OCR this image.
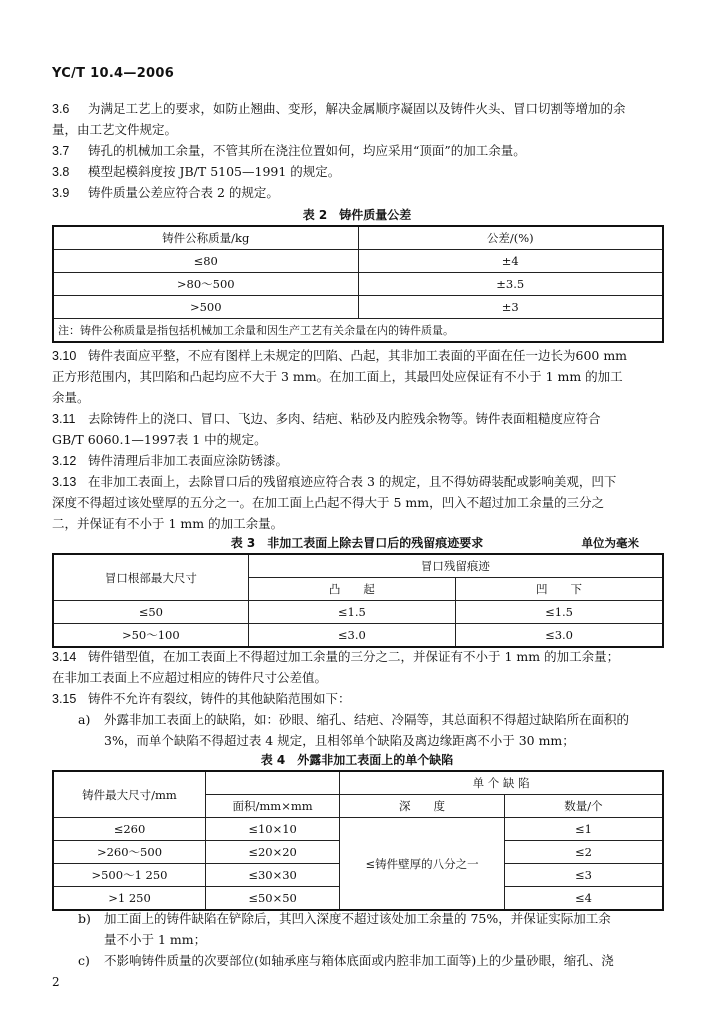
YC/T 10.4—2006
3.6 为满足工艺上的要求，如防止翘曲、变形，解决金属顺序凝固以及铸件火头、冒口切割等增加的余
量，由工艺文件规定。
3.7 铸孔的机械加工余量，不管其所在浇注位置如何，均应采用“顶面”的加工余量。
3.8 模型起模斜度按 JB/T 5105—1991 的规定。
3.9 铸件质量公差应符合表 2 的规定。
表 2　铸件质量公差
铸件公称质量/kg	公差/(%)
≤80	±4
>80～500	±3.5
>500	±3
注：铸件公称质量是指包括机械加工余量和因生产工艺有关余量在内的铸件质量。	
3.10 铸件表面应平整，不应有图样上未规定的凹陷、凸起，其非加工表面的平面在任一边长为600 mm
正方形范围内，其凹陷和凸起均应不大于 3 mm。在加工面上，其最凹处应保证有不小于 1 mm 的加工
余量。
3.11 去除铸件上的浇口、冒口、飞边、多肉、结疤、粘砂及内腔残余物等。铸件表面粗糙度应符合
GB/T 6060.1—1997表 1 中的规定。
3.12 铸件清理后非加工表面应涂防锈漆。
3.13 在非加工表面上，去除冒口后的残留痕迹应符合表 3 的规定，且不得妨碍装配或影响美观，凹下
深度不得超过该处壁厚的五分之一。在加工面上凸起不得大于 5 mm，凹入不超过加工余量的三分之
二，并保证有不小于 1 mm 的加工余量。
表 3　非加工表面上除去冒口后的残留痕迹要求	单位为毫米
冒口根部最大尺寸	冒口残留痕迹	
	凸　　起	凹　　下
≤50	≤1.5	≤1.5
>50～100	≤3.0	≤3.0
3.14 铸件错型值，在加工表面上不得超过加工余量的三分之二，并保证有不小于 1 mm 的加工余量；
在非加工表面上不应超过相应的铸件尺寸公差值。
3.15 铸件不允许有裂纹，铸件的其他缺陷范围如下：
a) 外露非加工表面上的缺陷，如：砂眼、缩孔、结疤、冷隔等，其总面积不得超过缺陷所在面积的
3%，而单个缺陷不得超过表 4 规定，且相邻单个缺陷及离边缘距离不小于 30 mm；
表 4　外露非加工表面上的单个缺陷
铸件最大尺寸/mm		单 个 缺 陷	
	面积/mm×mm	深　　度	数量/个
≤260	≤10×10	≤铸件壁厚的八分之一	≤1
>260～500	≤20×20		≤2
>500～1 250	≤30×30		≤3
>1 250	≤50×50		≤4
b) 加工面上的铸件缺陷在铲除后，其凹入深度不超过该处加工余量的 75%，并保证实际加工余
量不小于 1 mm；
c) 不影响铸件质量的次要部位(如轴承座与箱体底面或内腔非加工面等)上的少量砂眼，缩孔、浇
2
